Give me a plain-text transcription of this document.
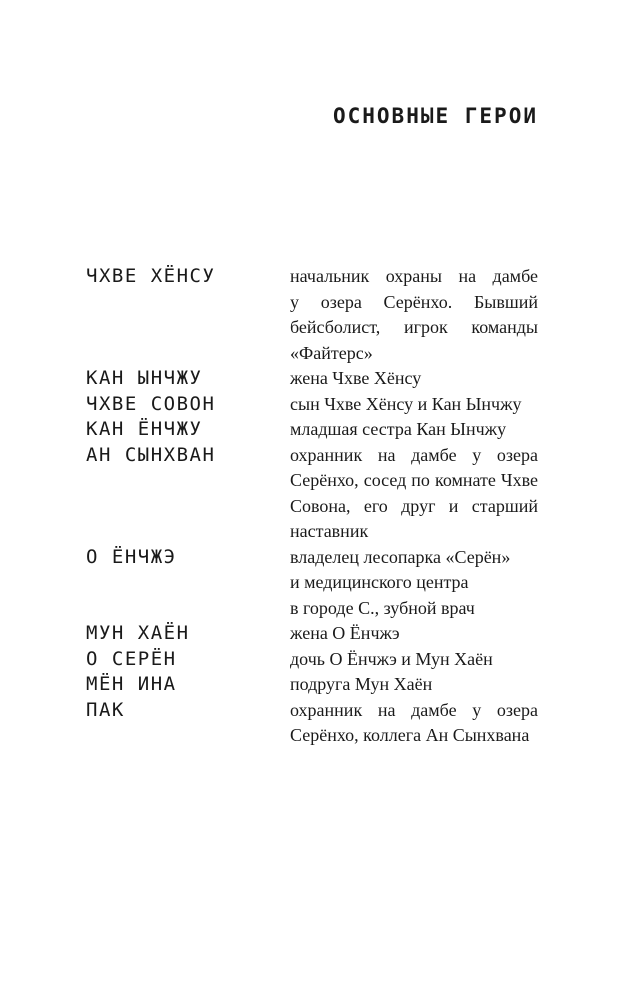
ОСНОВНЫЕ ГЕРОИ
ЧХВЕ ХЁНСУ	начальник охраны на дамбе
у озера Серёнхо. Бывший
бейсболист, игрок команды
«Файтерс»
КАН ЫНЧЖУ	жена Чхве Хёнсу
ЧХВЕ СОВОН	сын Чхве Хёнсу и Кан Ынчжу
КАН ЁНЧЖУ	младшая сестра Кан Ынчжу
АН СЫНХВАН	охранник на дамбе у озера
Серёнхо, сосед по комнате Чхве
Совона, его друг и старший
наставник
О ЁНЧЖЭ	владелец лесопарка «Серён»
и медицинского центра
в городе С., зубной врач
МУН ХАЁН	жена О Ёнчжэ
О СЕРЁН	дочь О Ёнчжэ и Мун Хаён
МЁН ИНА	подруга Мун Хаён
ПАК	охранник на дамбе у озера
Серёнхо, коллега Ан Сынхвана
